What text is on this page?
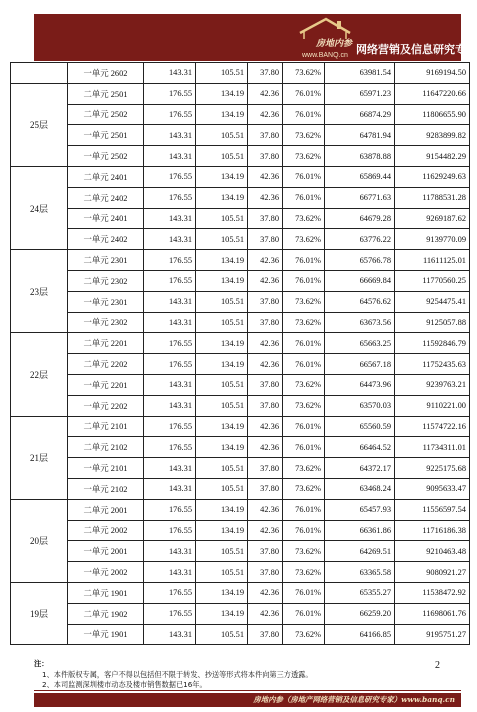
房地内参
www.BANQ.cn 网络营销及信息研究专家
	一单元 2602	143.31	105.51	37.80	73.62%	63981.54	9169194.50
25层	二单元 2501	176.55	134.19	42.36	76.01%	65971.23	11647220.66
	二单元 2502	176.55	134.19	42.36	76.01%	66874.29	11806655.90
	一单元 2501	143.31	105.51	37.80	73.62%	64781.94	9283899.82
	一单元 2502	143.31	105.51	37.80	73.62%	63878.88	9154482.29
24层	二单元 2401	176.55	134.19	42.36	76.01%	65869.44	11629249.63
	二单元 2402	176.55	134.19	42.36	76.01%	66771.63	11788531.28
	一单元 2401	143.31	105.51	37.80	73.62%	64679.28	9269187.62
	一单元 2402	143.31	105.51	37.80	73.62%	63776.22	9139770.09
23层	二单元 2301	176.55	134.19	42.36	76.01%	65766.78	11611125.01
	二单元 2302	176.55	134.19	42.36	76.01%	66669.84	11770560.25
	一单元 2301	143.31	105.51	37.80	73.62%	64576.62	9254475.41
	一单元 2302	143.31	105.51	37.80	73.62%	63673.56	9125057.88
22层	二单元 2201	176.55	134.19	42.36	76.01%	65663.25	11592846.79
	二单元 2202	176.55	134.19	42.36	76.01%	66567.18	11752435.63
	一单元 2201	143.31	105.51	37.80	73.62%	64473.96	9239763.21
	一单元 2202	143.31	105.51	37.80	73.62%	63570.03	9110221.00
21层	二单元 2101	176.55	134.19	42.36	76.01%	65560.59	11574722.16
	二单元 2102	176.55	134.19	42.36	76.01%	66464.52	11734311.01
	一单元 2101	143.31	105.51	37.80	73.62%	64372.17	9225175.68
	一单元 2102	143.31	105.51	37.80	73.62%	63468.24	9095633.47
20层	二单元 2001	176.55	134.19	42.36	76.01%	65457.93	11556597.54
	二单元 2002	176.55	134.19	42.36	76.01%	66361.86	11716186.38
	一单元 2001	143.31	105.51	37.80	73.62%	64269.51	9210463.48
	一单元 2002	143.31	105.51	37.80	73.62%	63365.58	9080921.27
19层	二单元 1901	176.55	134.19	42.36	76.01%	65355.27	11538472.92
	二单元 1902	176.55	134.19	42.36	76.01%	66259.20	11698061.76
	一单元 1901	143.31	105.51	37.80	73.62%	64166.85	9195751.27
注：
1、本件版权专属，客户不得以包括但不限于转发、抄送等形式将本件向第三方透露。
2、本司监测深圳楼市动态及楼市销售数据已16年。
2
房地内参（房地产网络营销及信息研究专家）www.banq.cn
